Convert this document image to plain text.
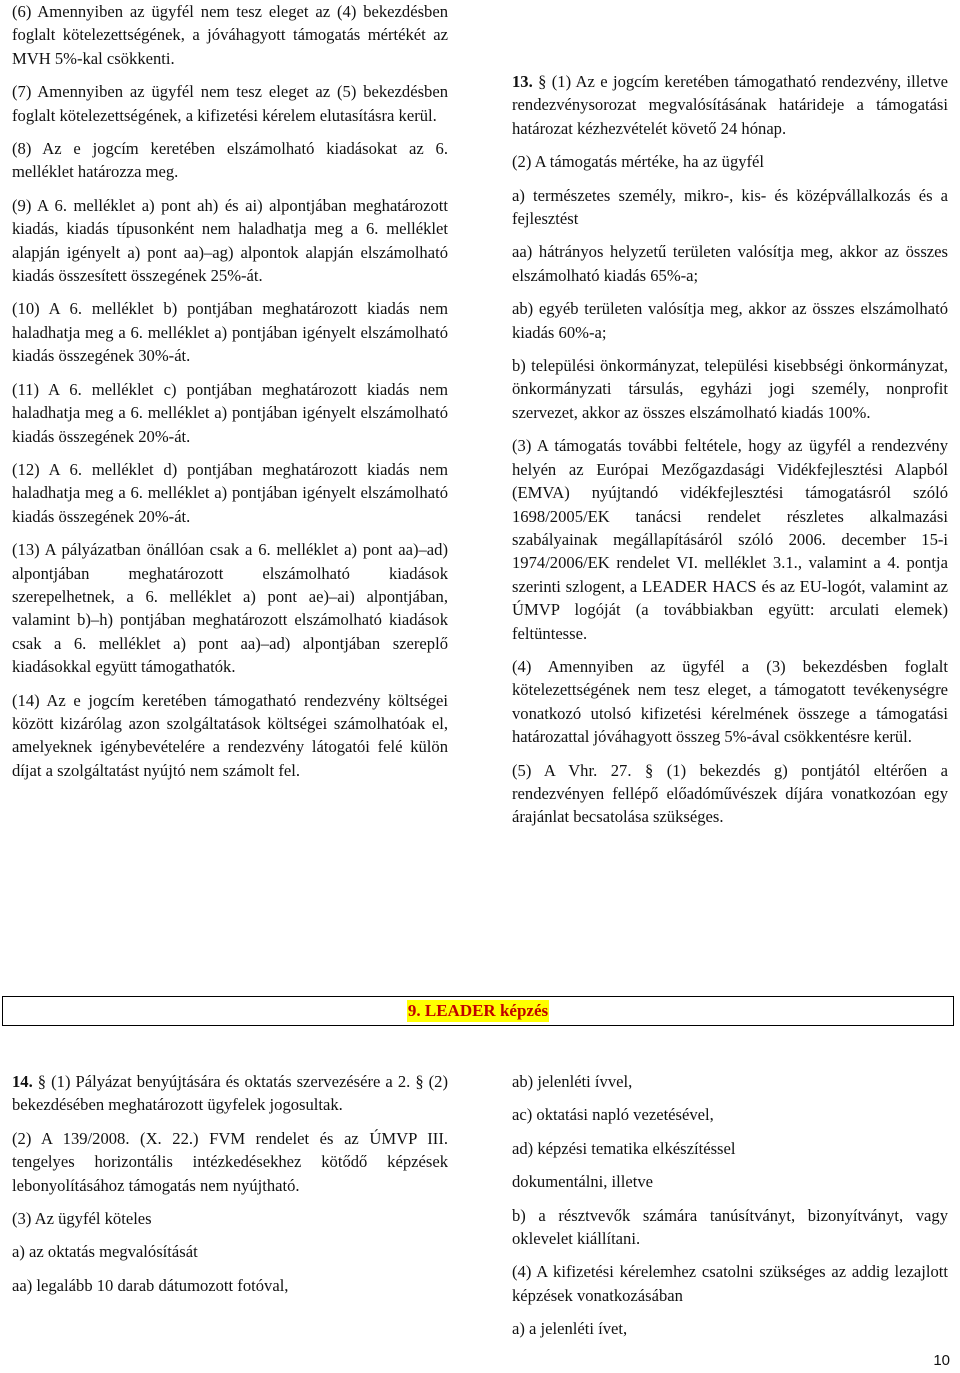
(6) Amennyiben az ügyfél nem tesz eleget az (4) bekezdésben foglalt kötelezettségének, a jóváhagyott támogatás mértékét az MVH 5%-kal csökkenti.

(7) Amennyiben az ügyfél nem tesz eleget az (5) bekezdésben foglalt kötelezettségének, a kifizetési kérelem elutasításra kerül.

(8) Az e jogcím keretében elszámolható kiadásokat az 6. melléklet határozza meg.

(9) A 6. melléklet a) pont ah) és ai) alpontjában meghatározott kiadás, kiadás típusonként nem haladhatja meg a 6. melléklet alapján igényelt a) pont aa)–ag) alpontok alapján elszámolható kiadás összesített összegének 25%-át.

(10) A 6. melléklet b) pontjában meghatározott kiadás nem haladhatja meg a 6. melléklet a) pontjában igényelt elszámolható kiadás összegének 30%-át.

(11) A 6. melléklet c) pontjában meghatározott kiadás nem haladhatja meg a 6. melléklet a) pontjában igényelt elszámolható kiadás összegének 20%-át.

(12) A 6. melléklet d) pontjában meghatározott kiadás nem haladhatja meg a 6. melléklet a) pontjában igényelt elszámolható kiadás összegének 20%-át.

(13) A pályázatban önállóan csak a 6. melléklet a) pont aa)–ad) alpontjában meghatározott elszámolható kiadások szerepelhetnek, a 6. melléklet a) pont ae)–ai) alpontjában, valamint b)–h) pontjában meghatározott elszámolható kiadások csak a 6. melléklet a) pont aa)–ad) alpontjában szereplő kiadásokkal együtt támogathatók.

(14) Az e jogcím keretében támogatható rendezvény költségei között kizárólag azon szolgáltatások költségei számolhatóak el, amelyeknek igénybevételére a rendezvény látogatói felé külön díjat a szolgáltatást nyújtó nem számolt fel.

13. § (1) Az e jogcím keretében támogatható rendezvény, illetve rendezvénysorozat megvalósításának határideje a támogatási határozat kézhezvételét követő 24 hónap.

(2) A támogatás mértéke, ha az ügyfél

a) természetes személy, mikro-, kis- és középvállalkozás és a fejlesztést

aa) hátrányos helyzetű területen valósítja meg, akkor az összes elszámolható kiadás 65%-a;

ab) egyéb területen valósítja meg, akkor az összes elszámolható kiadás 60%-a;

b) települési önkormányzat, települési kisebbségi önkormányzat, önkormányzati társulás, egyházi jogi személy, nonprofit szervezet, akkor az összes elszámolható kiadás 100%.

(3) A támogatás további feltétele, hogy az ügyfél a rendezvény helyén az Európai Mezőgazdasági Vidékfejlesztési Alapból (EMVA) nyújtandó vidékfejlesztési támogatásról szóló 1698/2005/EK tanácsi rendelet részletes alkalmazási szabályainak megállapításáról szóló 2006. december 15-i 1974/2006/EK rendelet VI. melléklet 3.1., valamint a 4. pontja szerinti szlogent, a LEADER HACS és az EU-logót, valamint az ÚMVP logóját (a továbbiakban együtt: arculati elemek) feltüntesse.

(4) Amennyiben az ügyfél a (3) bekezdésben foglalt kötelezettségének nem tesz eleget, a támogatott tevékenységre vonatkozó utolsó kifizetési kérelmének összege a támogatási határozattal jóváhagyott összeg 5%-ával csökkentésre kerül.

(5) A Vhr. 27. § (1) bekezdés g) pontjától eltérően a rendezvényen fellépő előadóművészek díjára vonatkozóan egy árajánlat becsatolása szükséges.

9. LEADER képzés

14. § (1) Pályázat benyújtására és oktatás szervezésére a 2. § (2) bekezdésében meghatározott ügyfelek jogosultak.

(2) A 139/2008. (X. 22.) FVM rendelet és az ÚMVP III. tengelyes horizontális intézkedésekhez kötődő képzések lebonyolításához támogatás nem nyújtható.

(3) Az ügyfél köteles

a) az oktatás megvalósítását

aa) legalább 10 darab dátumozott fotóval,

ab) jelenléti ívvel,

ac) oktatási napló vezetésével,

ad) képzési tematika elkészítéssel

dokumentálni, illetve

b) a résztvevők számára tanúsítványt, bizonyítványt, vagy oklevelet kiállítani.

(4) A kifizetési kérelemhez csatolni szükséges az addig lezajlott képzések vonatkozásában

a) a jelenléti ívet,

10
